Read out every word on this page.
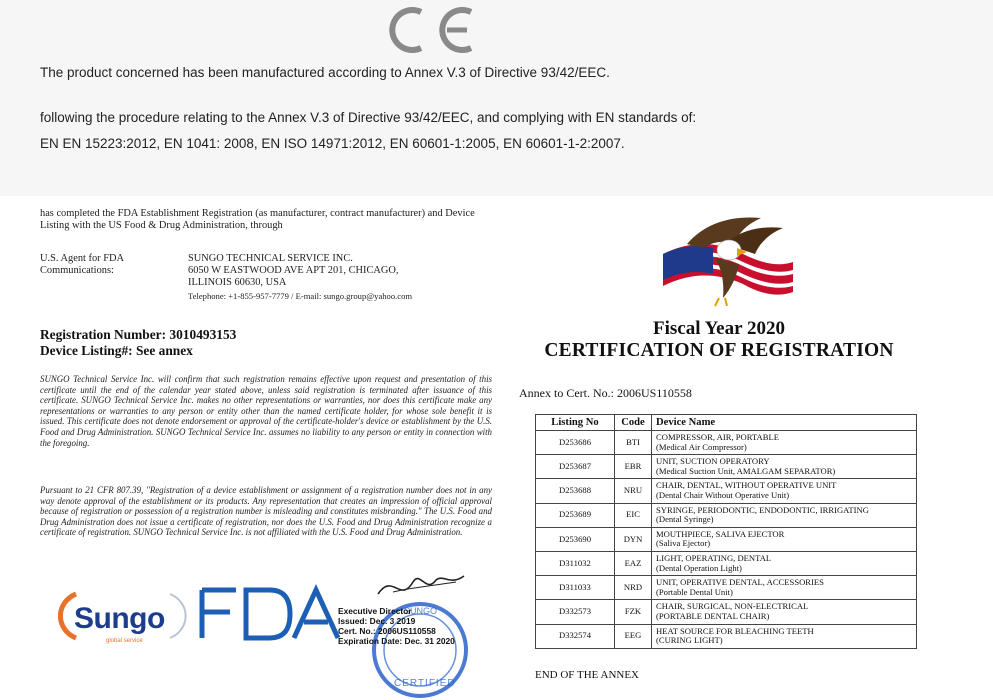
The product concerned has been manufactured according to Annex V.3 of Directive 93/42/EEC.

following the procedure relating to the Annex V.3 of Directive 93/42/EEC, and complying with EN standards of:

EN EN 15223:2012, EN 1041: 2008, EN ISO 14971:2012, EN 60601-1:2005, EN 60601-1-2:2007.

has completed the FDA Establishment Registration (as manufacturer, contract manufacturer) and Device Listing with the US Food & Drug Administration, through

U.S. Agent for FDA Communications:

SUNGO TECHNICAL SERVICE INC.
6050 W EASTWOOD AVE APT 201, CHICAGO,
ILLINOIS 60630, USA
Telephone: +1-855-957-7779 / E-mail: sungo.group@yahoo.com

Registration Number: 3010493153

Device Listing#: See annex

SUNGO Technical Service Inc. will confirm that such registration remains effective upon request and presentation of this certificate until the end of the calendar year stated above, unless said registration is terminated after issuance of this certificate. SUNGO Technical Service Inc. makes no other representations or warranties, nor does this certificate make any representations or warranties to any person or entity other than the named certificate holder, for whose sole benefit it is issued. This certificate does not denote endorsement or approval of the certificate-holder's device or establishment by the U.S. Food and Drug Administration. SUNGO Technical Service Inc. assumes no liability to any person or entity in connection with the foregoing.

Pursuant to 21 CFR 807.39, "Registration of a device establishment or assignment of a registration number does not in any way denote approval of the establishment or its products. Any representation that creates an impression of official approval because of registration or possession of a registration number is misleading and constitutes misbranding." The U.S. Food and Drug Administration does not issue a certificate of registration, nor does the U.S. Food and Drug Administration recognize a certificate of registration. SUNGO Technical Service Inc. is not affiliated with the U.S. Food and Drug Administration.

Sungo
global service
SUNGO
CERTIFIED
Executive Director
Issued: Dec. 3 2019
Cert. No.: 2006US110558
Expiration Date: Dec. 31 2020

Fiscal Year 2020

CERTIFICATION OF REGISTRATION

Annex to Cert. No.: 2006US110558

Listing No	Code	Device Name
D253686	BTI	COMPRESSOR, AIR, PORTABLE
(Medical Air Compressor)

D253687	EBR	UNIT, SUCTION OPERATORY
(Medical Suction Unit, AMALGAM SEPARATOR)

D253688	NRU	CHAIR, DENTAL, WITHOUT OPERATIVE UNIT
(Dental Chair Without Operative Unit)

D253689	EIC	SYRINGE, PERIODONTIC, ENDODONTIC, IRRIGATING
(Dental Syringe)

D253690	DYN	MOUTHPIECE, SALIVA EJECTOR
(Saliva Ejector)

D311032	EAZ	LIGHT, OPERATING, DENTAL
(Dental Operation Light)

D311033	NRD	UNIT, OPERATIVE DENTAL, ACCESSORIES
(Portable Dental Unit)

D332573	FZK	CHAIR, SURGICAL, NON-ELECTRICAL
(PORTABLE DENTAL CHAIR)

D332574	EEG	HEAT SOURCE FOR BLEACHING TEETH
(CURING LIGHT)

END OF THE ANNEX
